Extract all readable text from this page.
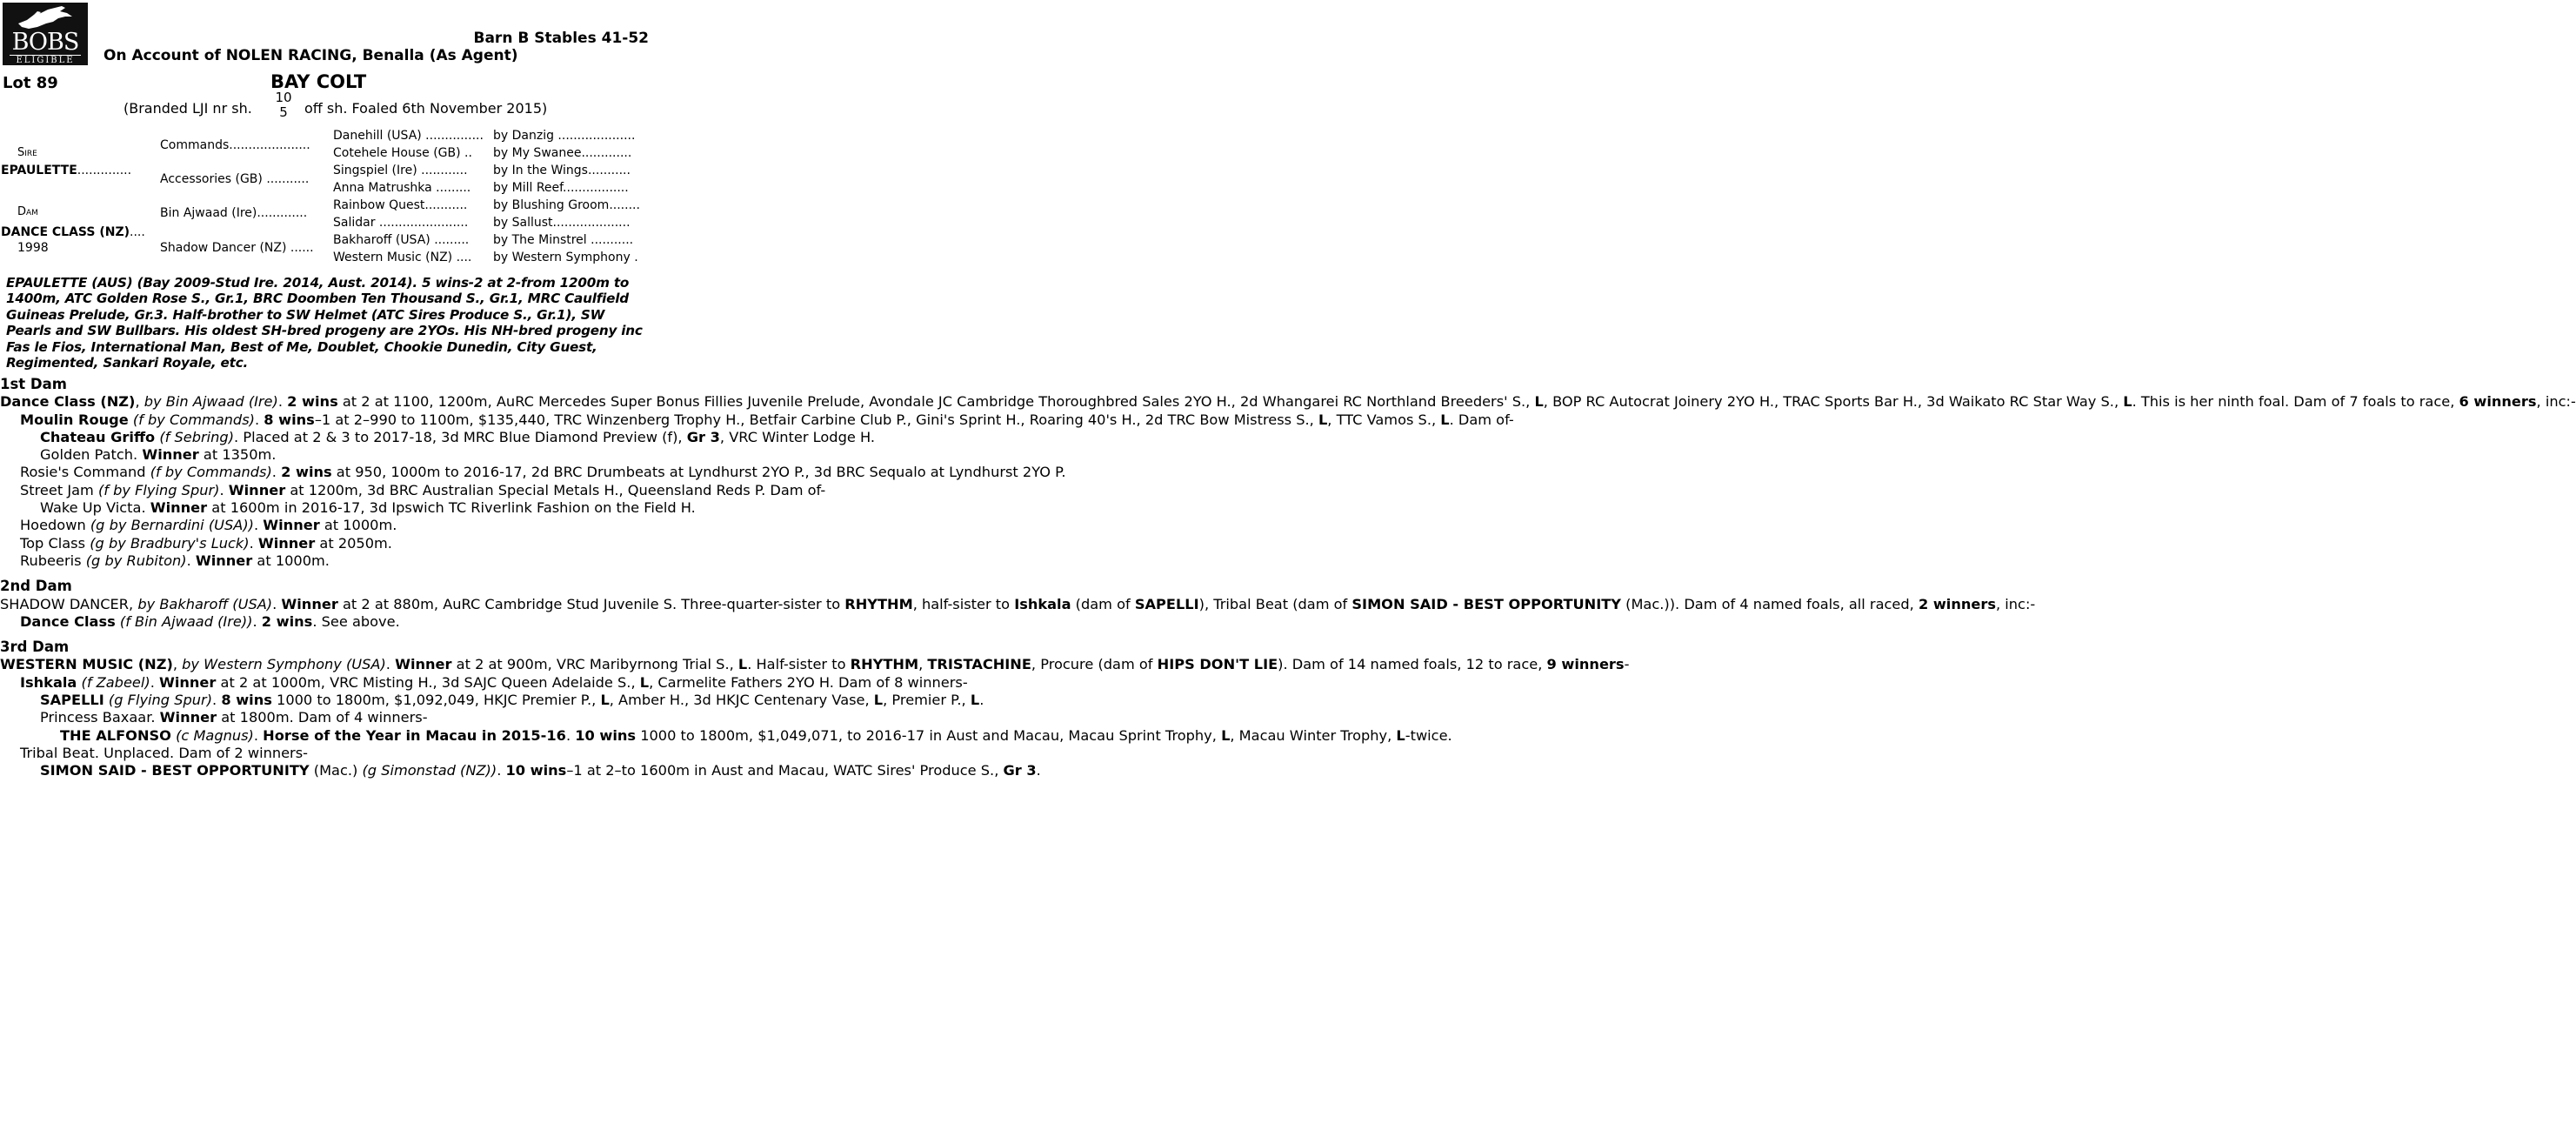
BOBS
ELIGIBLE
Barn B Stables 41-52
On Account of NOLEN RACING, Benalla (As Agent)
Lot 89	BAY COLT
(Branded LJI nr sh.
10
5	off sh. Foaled 6th November 2015)
Sire
EPAULETTE..............
Dam
DANCE CLASS (NZ)....
1998
Commands.....................
Accessories (GB) ...........
Bin Ajwaad (Ire).............
Shadow Dancer (NZ) ......
Danehill (USA) ...............
Cotehele House (GB) ..
Singspiel (Ire) ............
Anna Matrushka .........
Rainbow Quest...........
Salidar .......................
Bakharoff (USA) .........
Western Music (NZ) ....
by Danzig ....................
by My Swanee.............
by In the Wings...........
by Mill Reef.................
by Blushing Groom........
by Sallust....................
by The Minstrel ...........
by Western Symphony .
EPAULETTE (AUS) (Bay 2009-Stud Ire. 2014, Aust. 2014). 5 wins-2 at 2-from 1200m to 1400m, ATC Golden Rose S., Gr.1, BRC Doomben Ten Thousand S., Gr.1, MRC Caulfield Guineas Prelude, Gr.3. Half-brother to SW Helmet (ATC Sires Produce S., Gr.1), SW Pearls and SW Bullbars. His oldest SH-bred progeny are 2YOs. His NH-bred progeny inc Fas le Fios, International Man, Best of Me, Doublet, Chookie Dunedin, City Guest, Regimented, Sankari Royale, etc.

1st Dam

Dance Class (NZ), by Bin Ajwaad (Ire). 2 wins at 2 at 1100, 1200m, AuRC Mercedes Super Bonus Fillies Juvenile Prelude, Avondale JC Cambridge Thoroughbred Sales 2YO H., 2d Whangarei RC Northland Breeders' S., L, BOP RC Autocrat Joinery 2YO H., TRAC Sports Bar H., 3d Waikato RC Star Way S., L. This is her ninth foal. Dam of 7 foals to race, 6 winners, inc:-

Moulin Rouge (f by Commands). 8 wins–1 at 2–990 to 1100m, $135,440, TRC Winzenberg Trophy H., Betfair Carbine Club P., Gini's Sprint H., Roaring 40's H., 2d TRC Bow Mistress S., L, TTC Vamos S., L. Dam of-

Chateau Griffo (f Sebring). Placed at 2 & 3 to 2017-18, 3d MRC Blue Diamond Preview (f), Gr 3, VRC Winter Lodge H.

Golden Patch. Winner at 1350m.

Rosie's Command (f by Commands). 2 wins at 950, 1000m to 2016-17, 2d BRC Drumbeats at Lyndhurst 2YO P., 3d BRC Sequalo at Lyndhurst 2YO P.

Street Jam (f by Flying Spur). Winner at 1200m, 3d BRC Australian Special Metals H., Queensland Reds P. Dam of-

Wake Up Victa. Winner at 1600m in 2016-17, 3d Ipswich TC Riverlink Fashion on the Field H.

Hoedown (g by Bernardini (USA)). Winner at 1000m.

Top Class (g by Bradbury's Luck). Winner at 2050m.

Rubeeris (g by Rubiton). Winner at 1000m.

2nd Dam

SHADOW DANCER, by Bakharoff (USA). Winner at 2 at 880m, AuRC Cambridge Stud Juvenile S. Three-quarter-sister to RHYTHM, half-sister to Ishkala (dam of SAPELLI), Tribal Beat (dam of SIMON SAID - BEST OPPORTUNITY (Mac.)). Dam of 4 named foals, all raced, 2 winners, inc:-

Dance Class (f Bin Ajwaad (Ire)). 2 wins. See above.

3rd Dam

WESTERN MUSIC (NZ), by Western Symphony (USA). Winner at 2 at 900m, VRC Maribyrnong Trial S., L. Half-sister to RHYTHM, TRISTACHINE, Procure (dam of HIPS DON'T LIE). Dam of 14 named foals, 12 to race, 9 winners-

Ishkala (f Zabeel). Winner at 2 at 1000m, VRC Misting H., 3d SAJC Queen Adelaide S., L, Carmelite Fathers 2YO H. Dam of 8 winners-

SAPELLI (g Flying Spur). 8 wins 1000 to 1800m, $1,092,049, HKJC Premier P., L, Amber H., 3d HKJC Centenary Vase, L, Premier P., L.

Princess Baxaar. Winner at 1800m. Dam of 4 winners-

THE ALFONSO (c Magnus). Horse of the Year in Macau in 2015-16. 10 wins 1000 to 1800m, $1,049,071, to 2016-17 in Aust and Macau, Macau Sprint Trophy, L, Macau Winter Trophy, L-twice.

Tribal Beat. Unplaced. Dam of 2 winners-

SIMON SAID - BEST OPPORTUNITY (Mac.) (g Simonstad (NZ)). 10 wins–1 at 2–to 1600m in Aust and Macau, WATC Sires' Produce S., Gr 3.
